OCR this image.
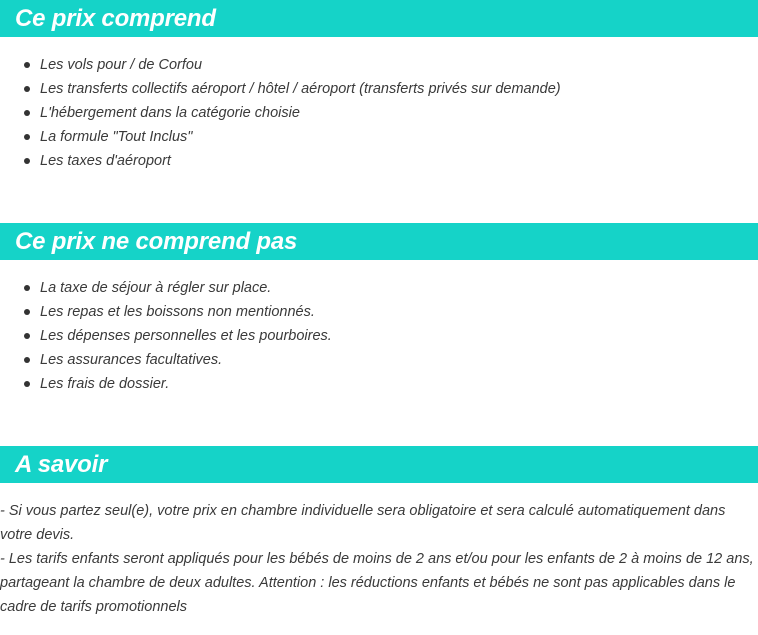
Ce prix comprend
Les vols pour / de Corfou
Les transferts collectifs aéroport / hôtel / aéroport (transferts privés sur demande)
L'hébergement dans la catégorie choisie
La formule "Tout Inclus"
Les taxes d'aéroport
Ce prix ne comprend pas
La taxe de séjour à régler sur place.
Les repas et les boissons non mentionnés.
Les dépenses personnelles et les pourboires.
Les assurances facultatives.
Les frais de dossier.
A savoir

- Si vous partez seul(e), votre prix en chambre individuelle sera obligatoire et sera calculé automatiquement dans votre devis.

- Les tarifs enfants seront appliqués pour les bébés de moins de 2 ans et/ou pour les enfants de 2 à moins de 12 ans, partageant la chambre de deux adultes. Attention : les réductions enfants et bébés ne sont pas applicables dans le cadre de tarifs promotionnels
